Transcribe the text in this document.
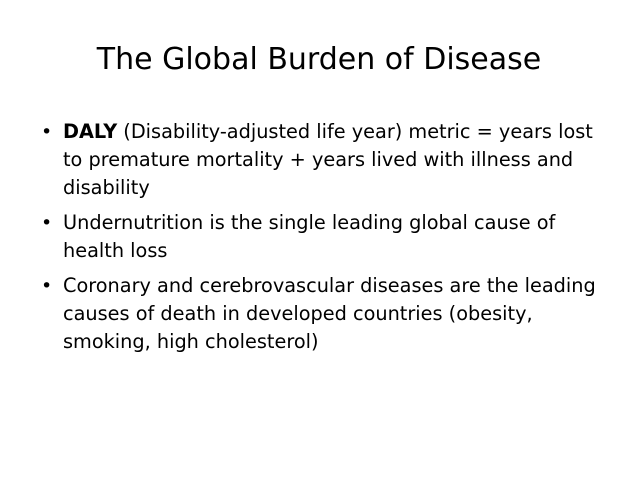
The Global Burden of Disease
• DALY (Disability-adjusted life year) metric = years lost to premature mortality + years lived with illness and disability
• Undernutrition is the single leading global cause of health loss
• Coronary and cerebrovascular diseases are the leading causes of death in developed countries (obesity, smoking, high cholesterol)
